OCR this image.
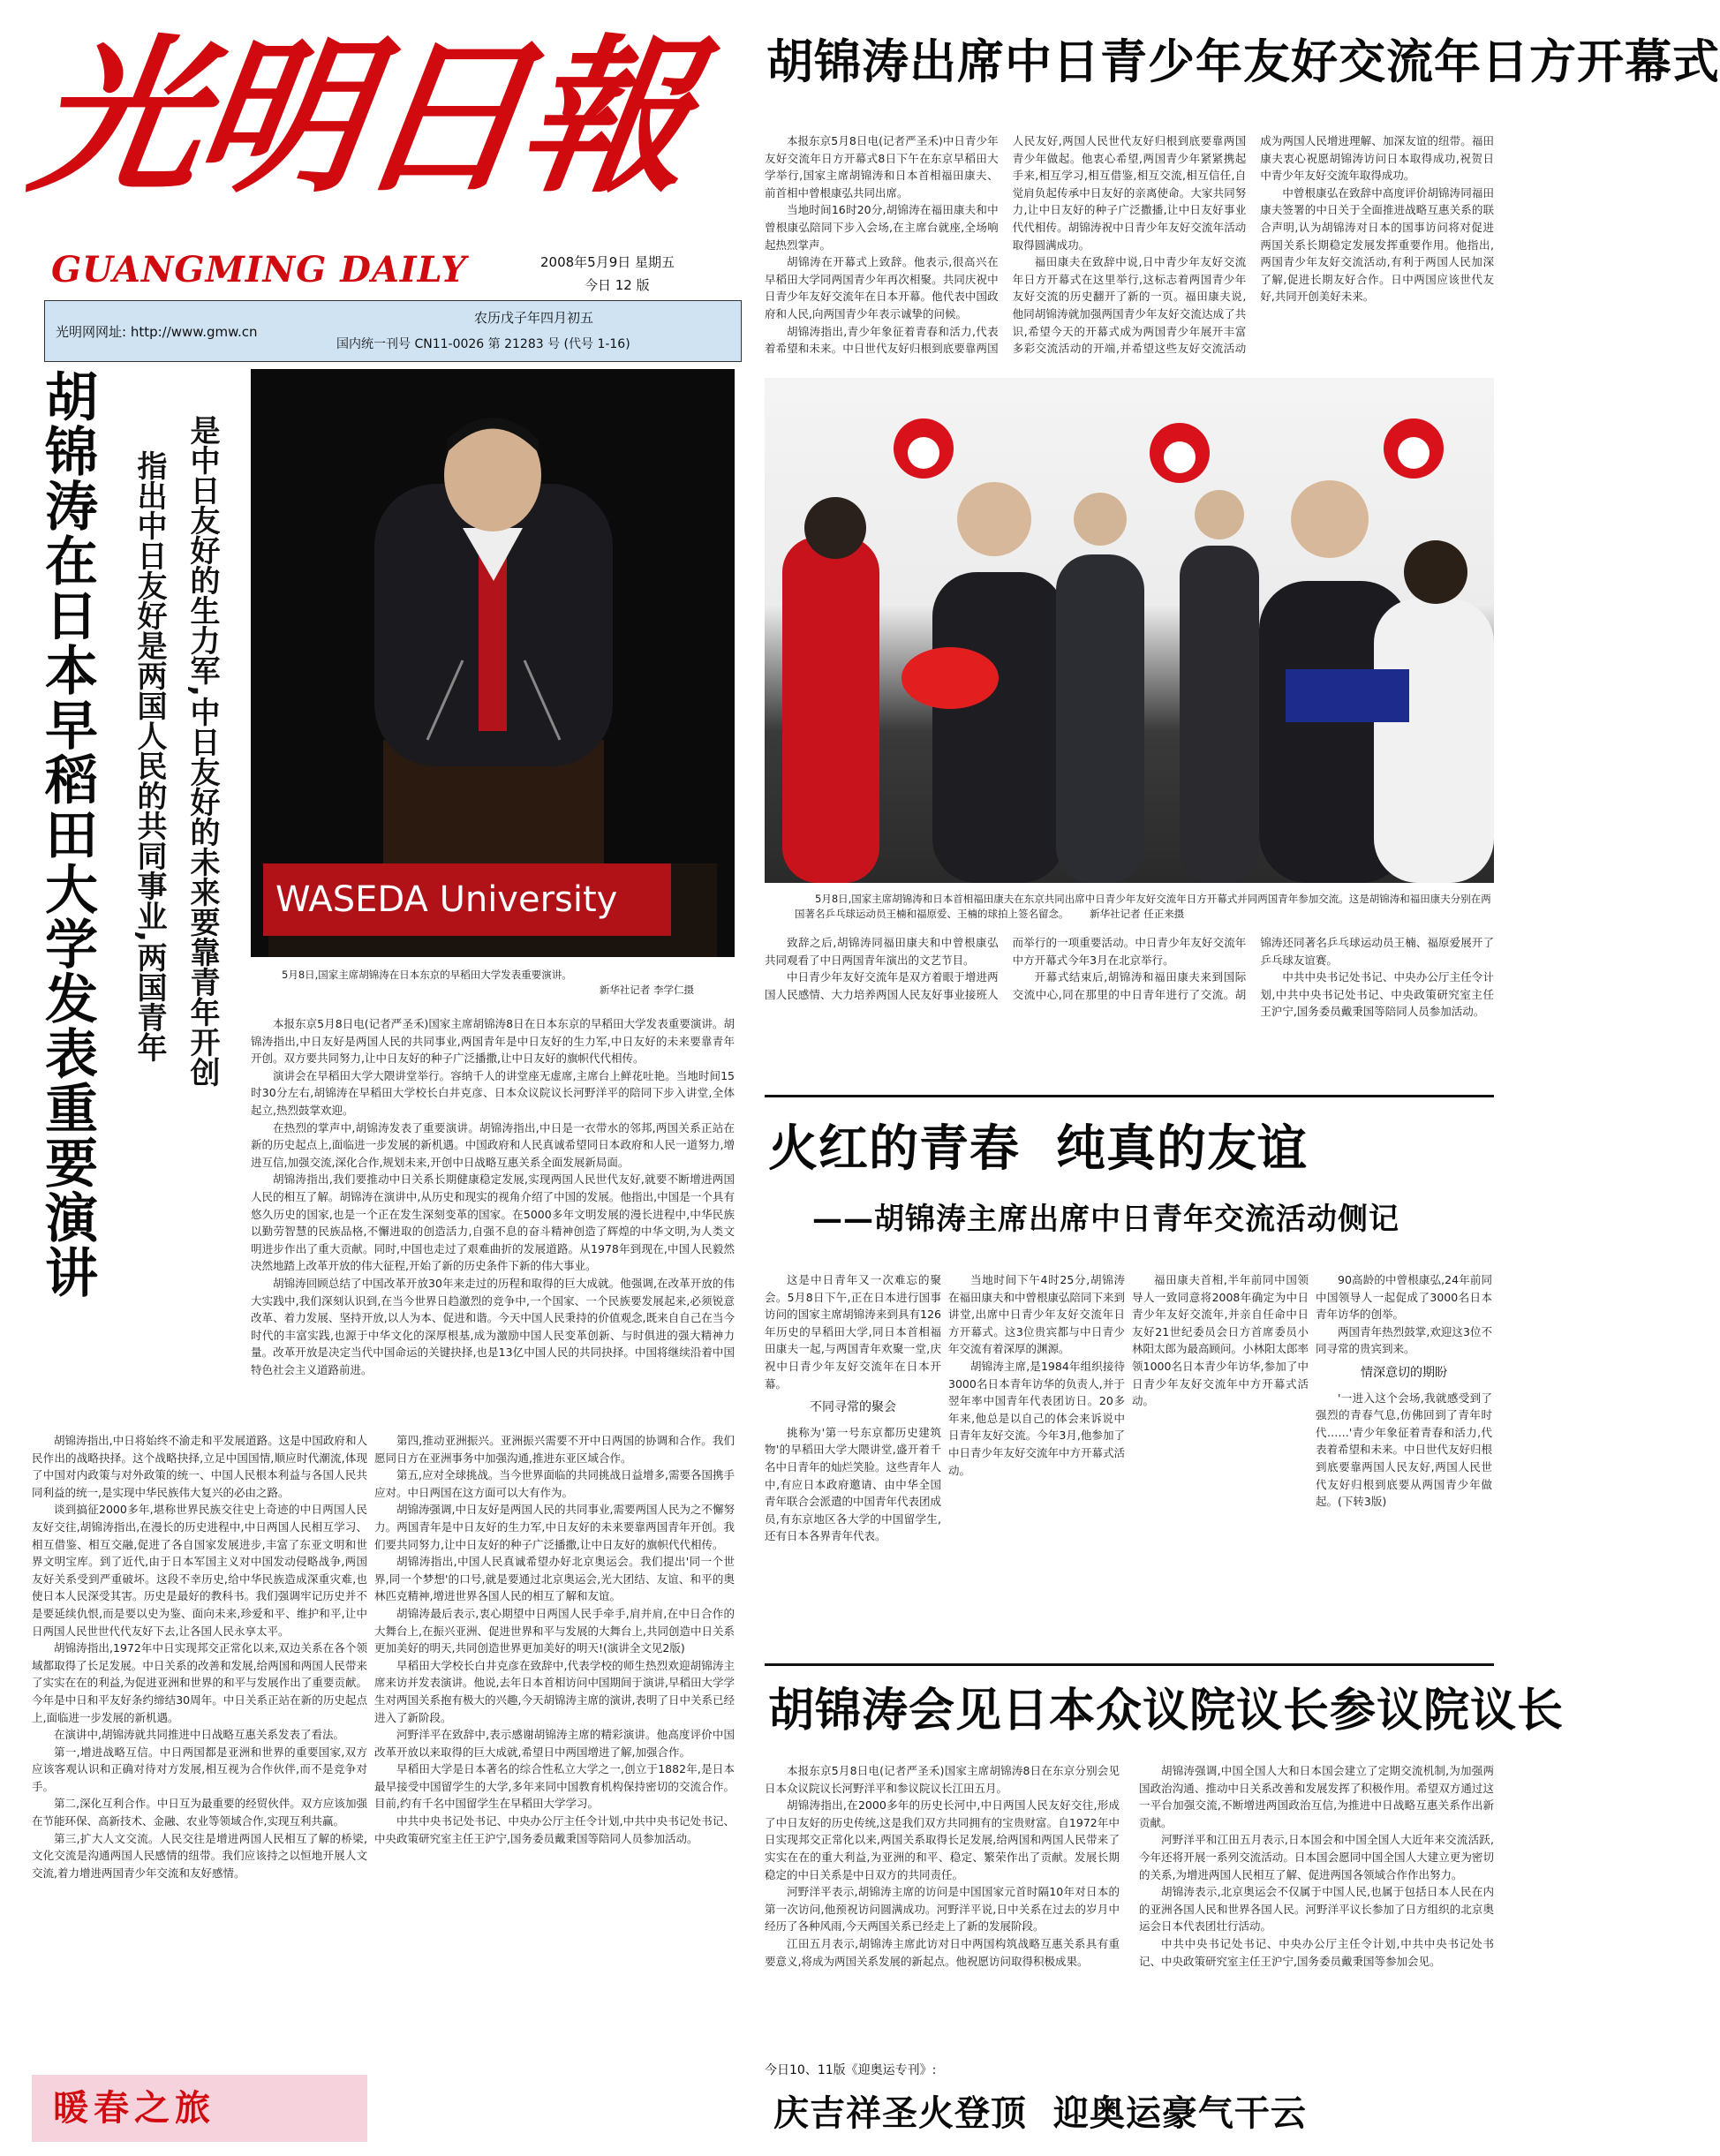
光明日報
GUANGMING DAILY	2008年5月9日 星期五
今日 12 版
光明网网址: http://www.gmw.cn
农历戊子年四月初五
国内统一刊号 CN11-0026 第 21283 号 (代号 1-16)
胡锦涛出席中日青少年友好交流年日方开幕式

本报东京5月8日电(记者严圣禾)中日青少年友好交流年日方开幕式8日下午在东京早稻田大学举行,国家主席胡锦涛和日本首相福田康夫、前首相中曾根康弘共同出席。

当地时间16时20分,胡锦涛在福田康夫和中曾根康弘陪同下步入会场,在主席台就座,全场响起热烈掌声。

胡锦涛在开幕式上致辞。他表示,很高兴在早稻田大学同两国青少年再次相聚。共同庆祝中日青少年友好交流年在日本开幕。他代表中国政府和人民,向两国青少年表示诚挚的问候。

胡锦涛指出,青少年象征着青春和活力,代表着希望和未来。中日世代友好归根到底要靠两国人民友好,两国人民世代友好归根到底要靠两国青少年做起。他衷心希望,两国青少年紧紧携起手来,相互学习,相互借鉴,相互交流,相互信任,自觉肩负起传承中日友好的亲离使命。大家共同努力,让中日友好的种子广泛撒播,让中日友好事业代代相传。胡锦涛祝中日青少年友好交流年活动取得圆满成功。

福田康夫在致辞中说,日中青少年友好交流年日方开幕式在这里举行,这标志着两国青少年友好交流的历史翻开了新的一页。福田康夫说,他同胡锦涛就加强两国青少年友好交流达成了共识,希望今天的开幕式成为两国青少年展开丰富多彩交流活动的开端,并希望这些友好交流活动成为两国人民增进理解、加深友谊的纽带。福田康夫衷心祝愿胡锦涛访问日本取得成功,祝贺日中青少年友好交流年取得成功。

中曾根康弘在致辞中高度评价胡锦涛同福田康夫签署的中日关于全面推进战略互惠关系的联合声明,认为胡锦涛对日本的国事访问将对促进两国关系长期稳定发展发挥重要作用。他指出,两国青少年友好交流活动,有利于两国人民加深了解,促进长期友好合作。日中两国应该世代友好,共同开创美好未来。

5月8日,国家主席胡锦涛和日本首相福田康夫在东京共同出席中日青少年友好交流年日方开幕式并同两国青年参加交流。这是胡锦涛和福田康夫分别在两国著名乒乓球运动员王楠和福原爱、王楠的球拍上签名留念。 新华社记者 任正来摄

致辞之后,胡锦涛同福田康夫和中曾根康弘共同观看了中日两国青年演出的文艺节目。

中日青少年友好交流年是双方着眼于增进两国人民感情、大力培养两国人民友好事业接班人而举行的一项重要活动。中日青少年友好交流年中方开幕式今年3月在北京举行。

开幕式结束后,胡锦涛和福田康夫来到国际交流中心,同在那里的中日青年进行了交流。胡锦涛还同著名乒乓球运动员王楠、福原爱展开了乒乓球友谊赛。

中共中央书记处书记、中央办公厅主任令计划,中共中央书记处书记、中央政策研究室主任王沪宁,国务委员戴秉国等陪同人员参加活动。

胡锦涛在日本早稻田大学发表重要演讲	是中日友好的生力军,中日友好的未来要靠青年开创
指出中日友好是两国人民的共同事业,两国青年	WASEDA University
5月8日,国家主席胡锦涛在日本东京的早稻田大学发表重要演讲。
新华社记者 李学仁摄

本报东京5月8日电(记者严圣禾)国家主席胡锦涛8日在日本东京的早稻田大学发表重要演讲。胡锦涛指出,中日友好是两国人民的共同事业,两国青年是中日友好的生力军,中日友好的未来要靠青年开创。双方要共同努力,让中日友好的种子广泛播撒,让中日友好的旗帜代代相传。

演讲会在早稻田大学大隈讲堂举行。容纳千人的讲堂座无虚席,主席台上鲜花吐艳。当地时间15时30分左右,胡锦涛在早稻田大学校长白井克彦、日本众议院议长河野洋平的陪同下步入讲堂,全体起立,热烈鼓掌欢迎。

在热烈的掌声中,胡锦涛发表了重要演讲。胡锦涛指出,中日是一衣带水的邻邦,两国关系正站在新的历史起点上,面临进一步发展的新机遇。中国政府和人民真诚希望同日本政府和人民一道努力,增进互信,加强交流,深化合作,规划未来,开创中日战略互惠关系全面发展新局面。

胡锦涛指出,我们要推动中日关系长期健康稳定发展,实现两国人民世代友好,就要不断增进两国人民的相互了解。胡锦涛在演讲中,从历史和现实的视角介绍了中国的发展。他指出,中国是一个具有悠久历史的国家,也是一个正在发生深刻变革的国家。在5000多年文明发展的漫长进程中,中华民族以勤劳智慧的民族品格,不懈进取的创造活力,自强不息的奋斗精神创造了辉煌的中华文明,为人类文明进步作出了重大贡献。同时,中国也走过了艰难曲折的发展道路。从1978年到现在,中国人民毅然决然地踏上改革开放的伟大征程,开始了新的历史条件下新的伟大事业。

胡锦涛回顾总结了中国改革开放30年来走过的历程和取得的巨大成就。他强调,在改革开放的伟大实践中,我们深刻认识到,在当今世界日趋激烈的竞争中,一个国家、一个民族要发展起来,必须锐意改革、着力发展、坚持开放,以人为本、促进和谐。今天中国人民秉持的价值观念,既来自自己在当今时代的丰富实践,也源于中华文化的深厚根基,成为激励中国人民变革创新、与时俱进的强大精神力量。改革开放是决定当代中国命运的关键抉择,也是13亿中国人民的共同抉择。中国将继续沿着中国特色社会主义道路前进。

胡锦涛指出,中日将始终不渝走和平发展道路。这是中国政府和人民作出的战略抉择。这个战略抉择,立足中国国情,顺应时代潮流,体现了中国对内政策与对外政策的统一、中国人民根本利益与各国人民共同利益的统一,是实现中华民族伟大复兴的必由之路。

谈到搞征2000多年,堪称世界民族交往史上奇迹的中日两国人民友好交往,胡锦涛指出,在漫长的历史进程中,中日两国人民相互学习、相互借鉴、相互交融,促进了各自国家发展进步,丰富了东亚文明和世界文明宝库。到了近代,由于日本军国主义对中国发动侵略战争,两国友好关系受到严重破坏。这段不幸历史,给中华民族造成深重灾难,也使日本人民深受其害。历史是最好的教科书。我们强调牢记历史并不是要延续仇恨,而是要以史为鉴、面向未来,珍爱和平、维护和平,让中日两国人民世世代代友好下去,让各国人民永享太平。

胡锦涛指出,1972年中日实现邦交正常化以来,双边关系在各个领域都取得了长足发展。中日关系的改善和发展,给两国和两国人民带来了实实在在的利益,为促进亚洲和世界的和平与发展作出了重要贡献。今年是中日和平友好条约缔结30周年。中日关系正站在新的历史起点上,面临进一步发展的新机遇。

在演讲中,胡锦涛就共同推进中日战略互惠关系发表了看法。

第一,增进战略互信。中日两国都是亚洲和世界的重要国家,双方应该客观认识和正确对待对方发展,相互视为合作伙伴,而不是竞争对手。

第二,深化互利合作。中日互为最重要的经贸伙伴。双方应该加强在节能环保、高新技术、金融、农业等领域合作,实现互利共赢。

第三,扩大人文交流。人民交往是增进两国人民相互了解的桥梁,文化交流是沟通两国人民感情的纽带。我们应该持之以恒地开展人文交流,着力增进两国青少年交流和友好感情。

第四,推动亚洲振兴。亚洲振兴需要不开中日两国的协调和合作。我们愿同日方在亚洲事务中加强沟通,推进东亚区域合作。

第五,应对全球挑战。当今世界面临的共同挑战日益增多,需要各国携手应对。中日两国在这方面可以大有作为。

胡锦涛强调,中日友好是两国人民的共同事业,需要两国人民为之不懈努力。两国青年是中日友好的生力军,中日友好的未来要靠两国青年开创。我们要共同努力,让中日友好的种子广泛播撒,让中日友好的旗帜代代相传。

胡锦涛指出,中国人民真诚希望办好北京奥运会。我们提出'同一个世界,同一个梦想'的口号,就是要通过北京奥运会,光大团结、友谊、和平的奥林匹克精神,增进世界各国人民的相互了解和友谊。

胡锦涛最后表示,衷心期望中日两国人民手牵手,肩并肩,在中日合作的大舞台上,在振兴亚洲、促进世界和平与发展的大舞台上,共同创造中日关系更加美好的明天,共同创造世界更加美好的明天!(演讲全文见2版)

早稻田大学校长白井克彦在致辞中,代表学校的师生热烈欢迎胡锦涛主席来访并发表演讲。他说,去年日本首相访问中国期间于演讲,早稻田大学学生对两国关系抱有极大的兴趣,今天胡锦涛主席的演讲,表明了日中关系已经进入了新阶段。

河野洋平在致辞中,表示感谢胡锦涛主席的精彩演讲。他高度评价中国改革开放以来取得的巨大成就,希望日中两国增进了解,加强合作。

早稻田大学是日本著名的综合性私立大学之一,创立于1882年,是日本最早接受中国留学生的大学,多年来同中国教育机构保持密切的交流合作。目前,约有千名中国留学生在早稻田大学学习。

中共中央书记处书记、中央办公厅主任令计划,中共中央书记处书记、中央政策研究室主任王沪宁,国务委员戴秉国等陪同人员参加活动。

暖春之旅
火红的青春  纯真的友谊
——胡锦涛主席出席中日青年交流活动侧记

这是中日青年又一次难忘的聚会。5月8日下午,正在日本进行国事访问的国家主席胡锦涛来到具有126年历史的早稻田大学,同日本首相福田康夫一起,与两国青年欢聚一堂,庆祝中日青少年友好交流年在日本开幕。

不同寻常的聚会

挑称为'第一号东京都历史建筑物'的早稻田大学大隈讲堂,盛开着千名中日青年的灿烂笑脸。这些青年人中,有应日本政府邀请、由中华全国青年联合会派遣的中国青年代表团成员,有东京地区各大学的中国留学生,还有日本各界青年代表。

当地时间下午4时25分,胡锦涛在福田康夫和中曾根康弘陪同下来到讲堂,出席中日青少年友好交流年日方开幕式。这3位贵宾都与中日青少年交流有着深厚的渊源。

胡锦涛主席,是1984年组织接待3000名日本青年访华的负责人,并于翌年率中国青年代表团访日。20多年来,他总是以自己的体会来诉说中日青年友好交流。今年3月,他参加了中日青少年友好交流年中方开幕式活动。

福田康夫首相,半年前同中国领导人一致同意将2008年确定为中日青少年友好交流年,并亲自任命中日友好21世纪委员会日方首席委员小林阳太郎为最高顾问。小林阳太郎率领1000名日本青少年访华,参加了中日青少年友好交流年中方开幕式活动。

90高龄的中曾根康弘,24年前同中国领导人一起促成了3000名日本青年访华的创举。

两国青年热烈鼓掌,欢迎这3位不同寻常的贵宾到来。

情深意切的期盼

'一进入这个会场,我就感受到了强烈的青春气息,仿佛回到了青年时代……'青少年象征着青春和活力,代表着希望和未来。中日世代友好归根到底要靠两国人民友好,两国人民世代友好归根到底要从两国青少年做起。(下转3版)

胡锦涛会见日本众议院议长参议院议长

本报东京5月8日电(记者严圣禾)国家主席胡锦涛8日在东京分别会见日本众议院议长河野洋平和参议院议长江田五月。

胡锦涛指出,在2000多年的历史长河中,中日两国人民友好交往,形成了中日友好的历史传统,这是我们双方共同拥有的宝贵财富。自1972年中日实现邦交正常化以来,两国关系取得长足发展,给两国和两国人民带来了实实在在的重大利益,为亚洲的和平、稳定、繁荣作出了贡献。发展长期稳定的中日关系是中日双方的共同责任。

河野洋平表示,胡锦涛主席的访问是中国国家元首时隔10年对日本的第一次访问,他预祝访问圆满成功。河野洋平说,日中关系在过去的岁月中经历了各种风雨,今天两国关系已经走上了新的发展阶段。

江田五月表示,胡锦涛主席此访对日中两国构筑战略互惠关系具有重要意义,将成为两国关系发展的新起点。他祝愿访问取得积极成果。

胡锦涛强调,中国全国人大和日本国会建立了定期交流机制,为加强两国政治沟通、推动中日关系改善和发展发挥了积极作用。希望双方通过这一平台加强交流,不断增进两国政治互信,为推进中日战略互惠关系作出新贡献。

河野洋平和江田五月表示,日本国会和中国全国人大近年来交流活跃,今年还将开展一系列交流活动。日本国会愿同中国全国人大建立更为密切的关系,为增进两国人民相互了解、促进两国各领域合作作出努力。

胡锦涛表示,北京奥运会不仅属于中国人民,也属于包括日本人民在内的亚洲各国人民和世界各国人民。河野洋平议长参加了日方组织的北京奥运会日本代表团壮行活动。

中共中央书记处书记、中央办公厅主任令计划,中共中央书记处书记、中央政策研究室主任王沪宁,国务委员戴秉国等参加会见。

今日10、11版《迎奥运专刊》:
庆吉祥圣火登顶  迎奥运豪气干云
